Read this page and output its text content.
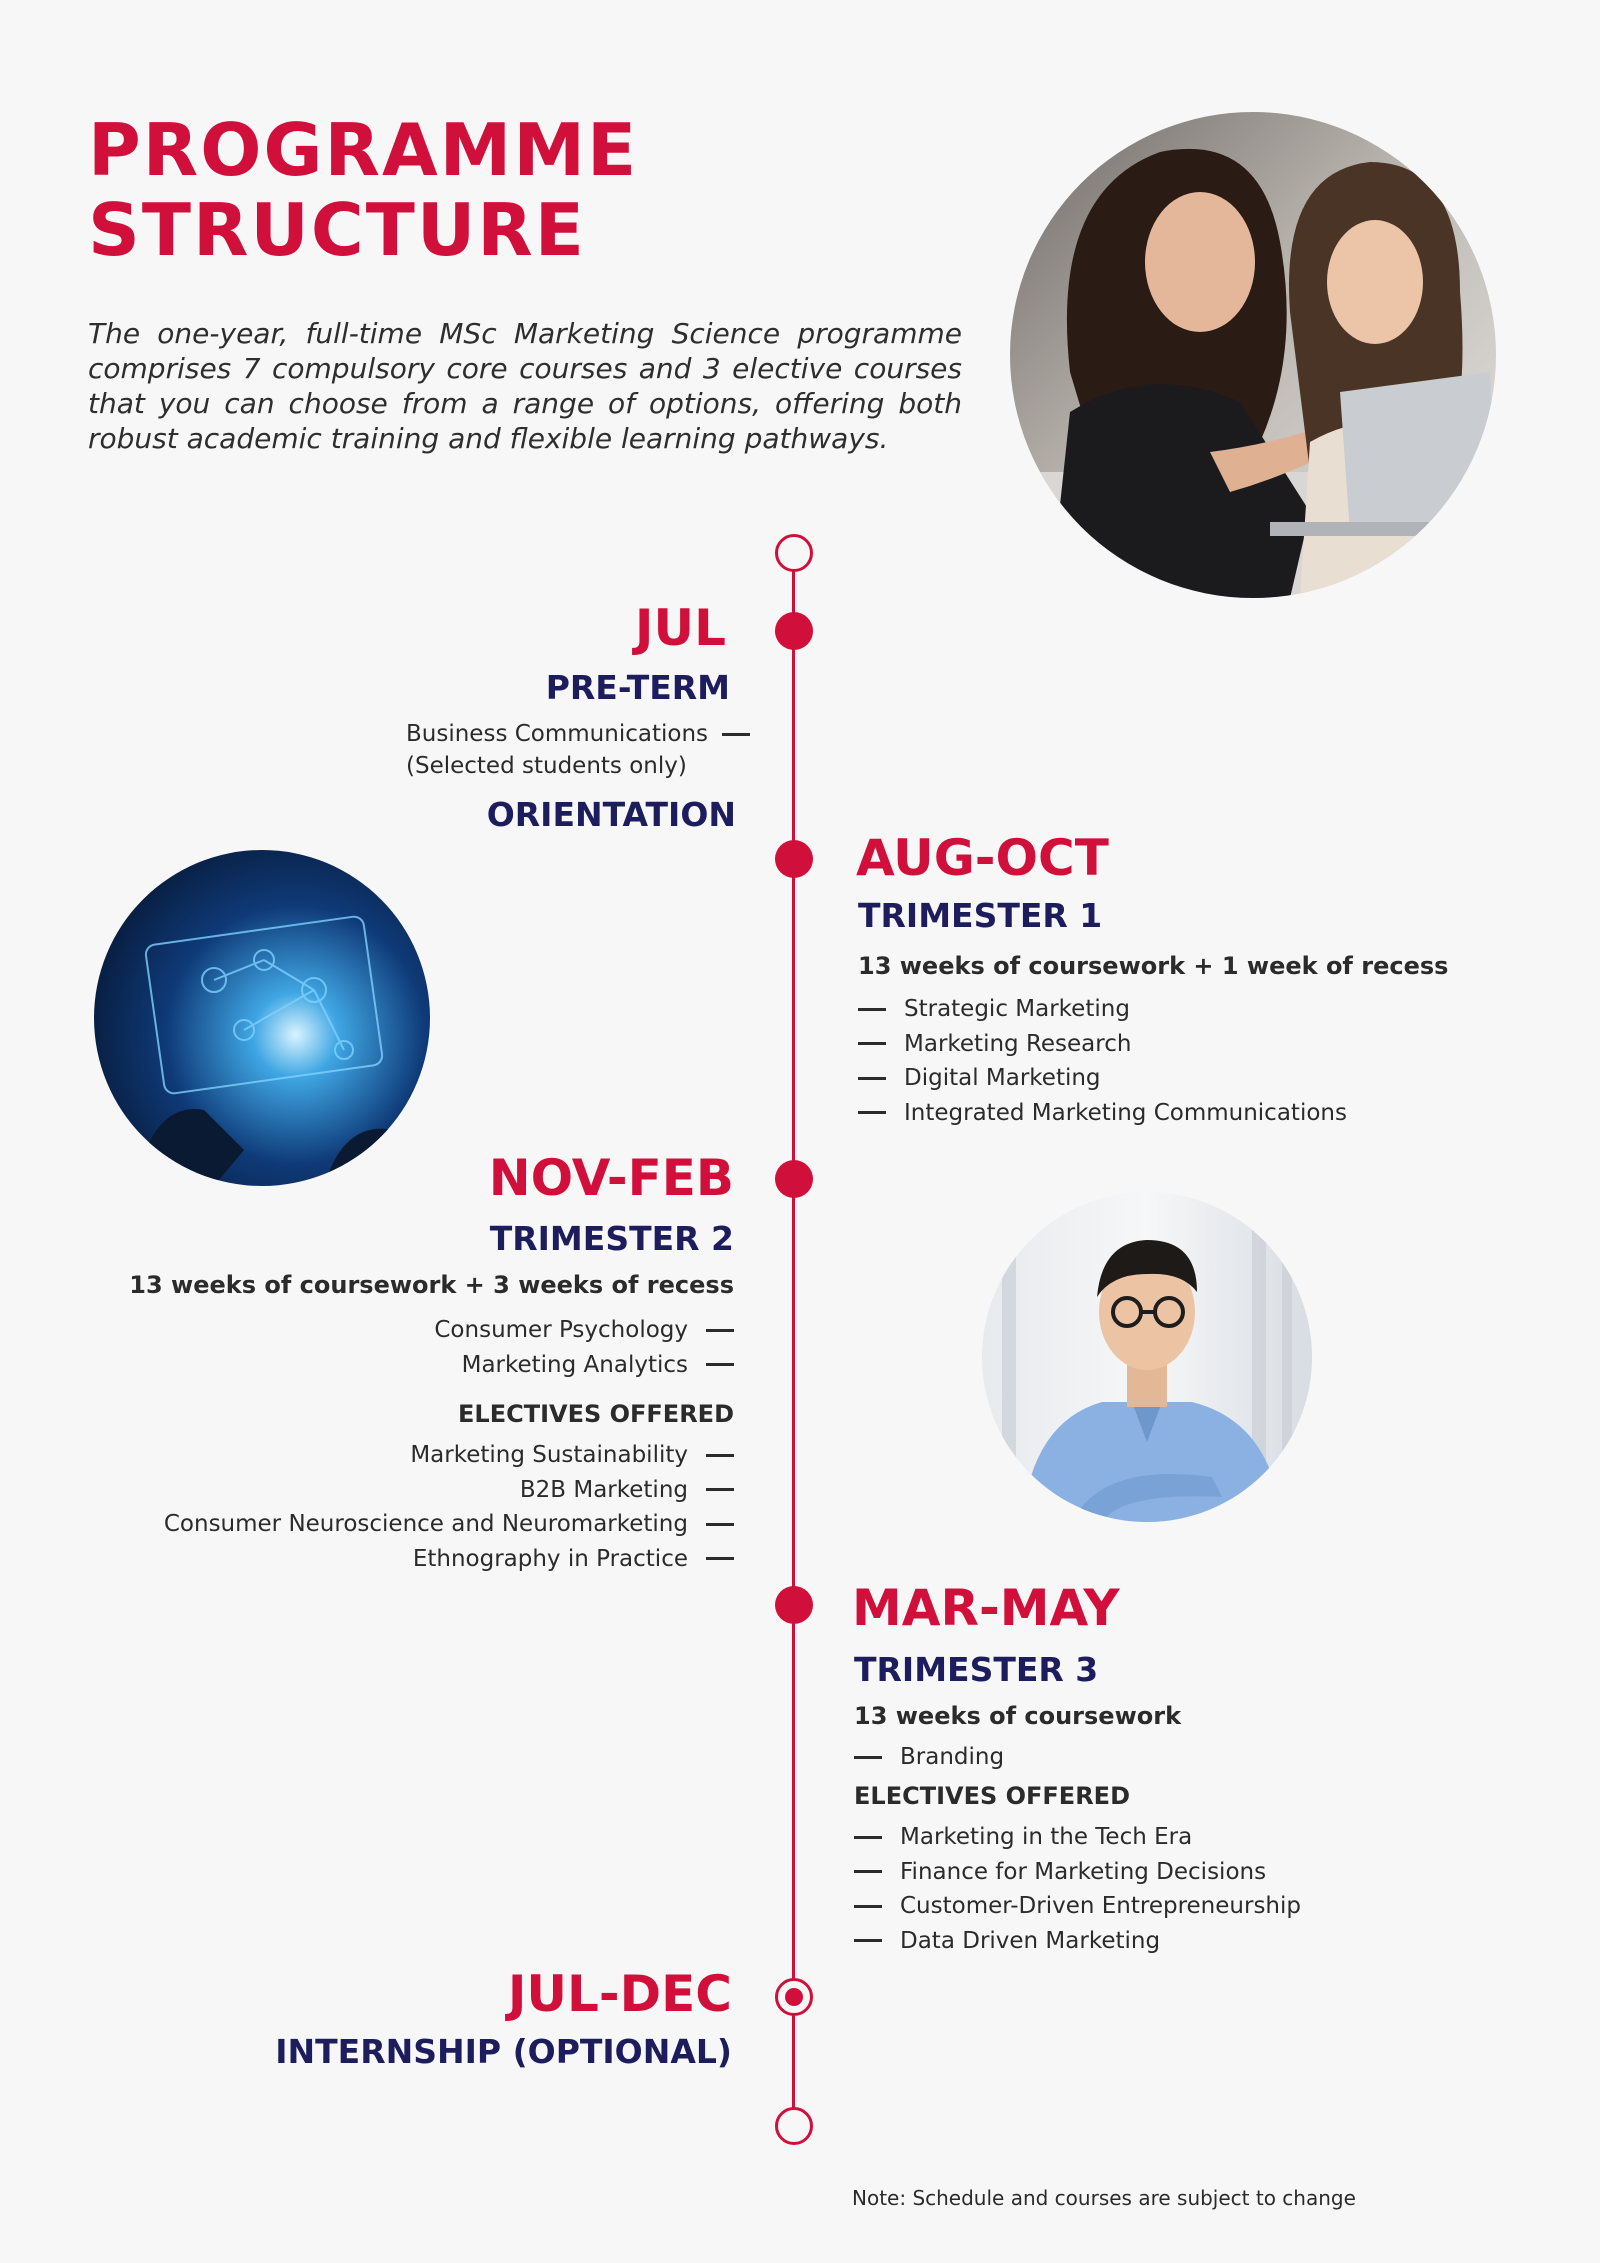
PROGRAMME
STRUCTURE

The one-year, full-time MSc Marketing Science programme comprises 7 compulsory core courses and 3 elective courses that you can choose from a range of options, offering both robust academic training and flexible learning pathways.

JUL
PRE-TERM
Business Communications
(Selected students only)
ORIENTATION
AUG-OCT
TRIMESTER 1
13 weeks of coursework + 1 week of recess
Strategic Marketing
Marketing Research
Digital Marketing
Integrated Marketing Communications
NOV-FEB
TRIMESTER 2
13 weeks of coursework + 3 weeks of recess
Consumer Psychology
Marketing Analytics
ELECTIVES OFFERED
Marketing Sustainability
B2B Marketing
Consumer Neuroscience and Neuromarketing
Ethnography in Practice
MAR-MAY
TRIMESTER 3
13 weeks of coursework
Branding
ELECTIVES OFFERED
Marketing in the Tech Era
Finance for Marketing Decisions
Customer-Driven Entrepreneurship
Data Driven Marketing
JUL-DEC
INTERNSHIP (OPTIONAL)
Note: Schedule and courses are subject to change
